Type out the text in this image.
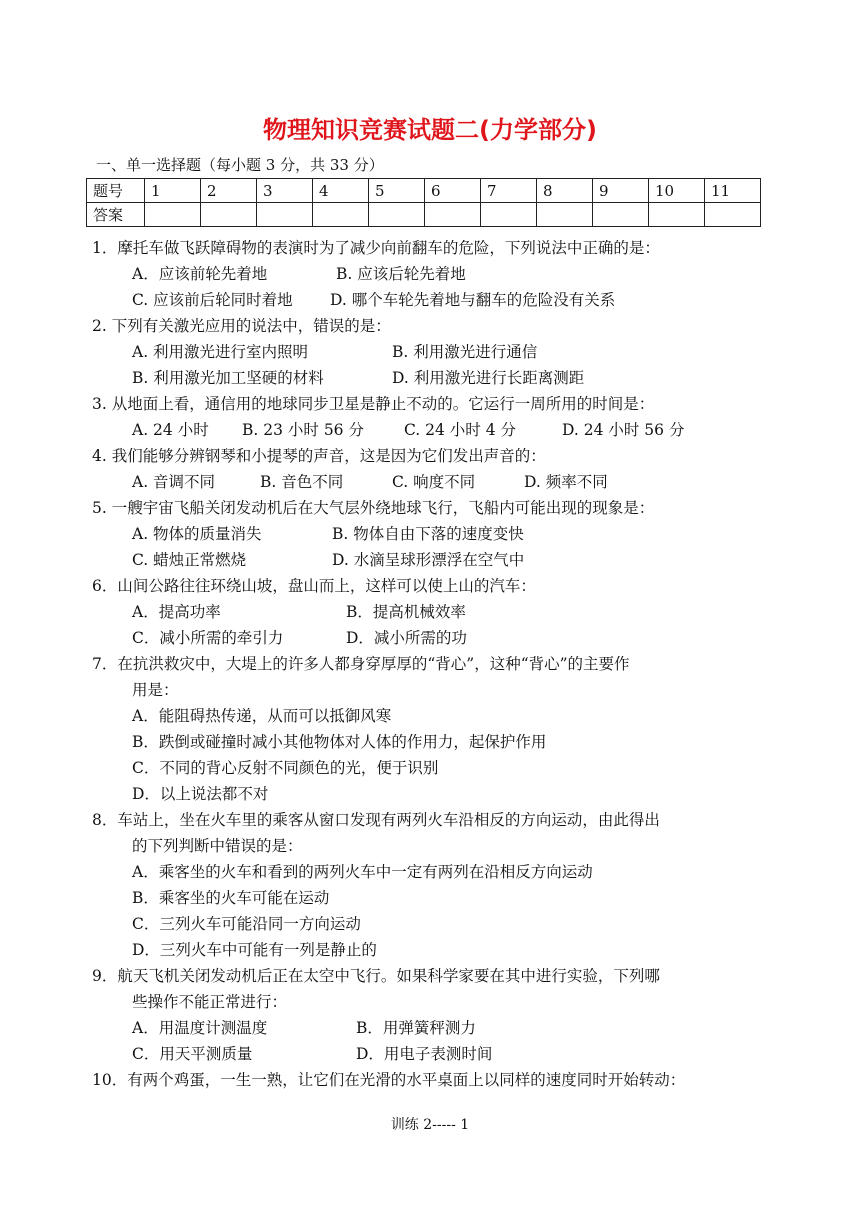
物理知识竞赛试题二(力学部分)
一、单一选择题（每小题 3 分，共 33 分）
题号	1	2	3	4	5	6	7	8	9	10	11
答案											
1．摩托车做飞跃障碍物的表演时为了减少向前翻车的危险，下列说法中正确的是：
A．应该前轮先着地	B. 应该后轮先着地
C. 应该前后轮同时着地 D. 哪个车轮先着地与翻车的危险没有关系
2. 下列有关激光应用的说法中，错误的是：
A. 利用激光进行室内照明	B. 利用激光进行通信
B. 利用激光加工坚硬的材料	D. 利用激光进行长距离测距
3. 从地面上看，通信用的地球同步卫星是静止不动的。它运行一周所用的时间是：
A. 24 小时 B. 23 小时 56 分	C. 24 小时 4 分	D. 24 小时 56 分
4. 我们能够分辨钢琴和小提琴的声音，这是因为它们发出声音的：
A. 音调不同	B. 音色不同	C. 响度不同	D. 频率不同
5. 一艘宇宙飞船关闭发动机后在大气层外绕地球飞行，飞船内可能出现的现象是：
A. 物体的质量消失	B. 物体自由下落的速度变快
C. 蜡烛正常燃烧	D. 水滴呈球形漂浮在空气中
6．山间公路往往环绕山坡，盘山而上，这样可以使上山的汽车：
A．提高功率	B．提高机械效率
C．减小所需的牵引力	D．减小所需的功
7．在抗洪救灾中，大堤上的许多人都身穿厚厚的“背心”，这种“背心”的主要作
用是：
A．能阻碍热传递，从而可以抵御风寒
B．跌倒或碰撞时减小其他物体对人体的作用力，起保护作用
C．不同的背心反射不同颜色的光，便于识别
D．以上说法都不对
8．车站上，坐在火车里的乘客从窗口发现有两列火车沿相反的方向运动，由此得出
的下列判断中错误的是：
A．乘客坐的火车和看到的两列火车中一定有两列在沿相反方向运动
B．乘客坐的火车可能在运动
C．三列火车可能沿同一方向运动
D．三列火车中可能有一列是静止的
9．航天飞机关闭发动机后正在太空中飞行。如果科学家要在其中进行实验，下列哪
些操作不能正常进行：
A．用温度计测温度	B．用弹簧秤测力
C．用天平测质量	D．用电子表测时间
10．有两个鸡蛋，一生一熟，让它们在光滑的水平桌面上以同样的速度同时开始转动：
训练 2----- 1
